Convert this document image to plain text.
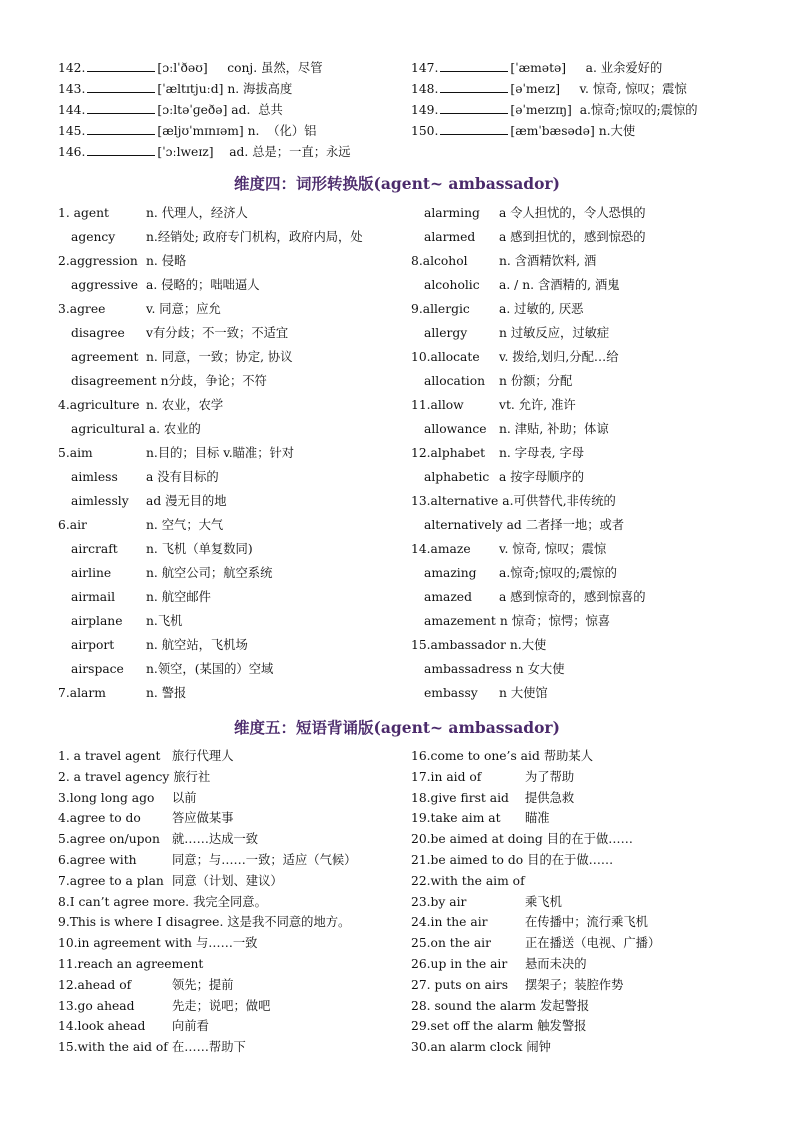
142.	[ɔːlˈðəʊ] conj. 虽然，尽管
143.	[ˈæltɪtjuːd] n. 海拔高度
144.	[ɔːltəˈɡeðə] ad. 总共
145.	[æljʊˈmɪnɪəm] n. （化）铝
146.	[ˈɔːlweɪz] ad. 总是；一直；永远
147.	[ˈæmətə] a. 业余爱好的
148.	[əˈmeɪz] v. 惊奇, 惊叹；震惊
149.	[əˈmeɪzɪŋ] a.惊奇;惊叹的;震惊的
150.	[æmˈbæsədə] n.大使
维度四：词形转换版(agent~ ambassador)
1. agent	n. 代理人，经济人
agency	n.经销处; 政府专门机构，政府内局，处
2.aggression n. 侵略
aggressive a. 侵略的；咄咄逼人
3.agree	v. 同意；应允
disagree v有分歧；不一致；不适宜
agreement n. 同意，一致；协定, 协议
disagreement n分歧，争论；不符
4.agriculture n. 农业，农学
agricultural a. 农业的
5.aim	n.目的；目标 v.瞄准；针对
aimless a 没有目标的
aimlessly ad 漫无目的地
6.air	n. 空气；大气
aircraft n. 飞机（单复数同)
airline	n. 航空公司；航空系统
airmail	n. 航空邮件
airplane n.飞机
airport	n. 航空站，飞机场
airspace n.领空，(某国的）空域
7.alarm	n. 警报
alarming a 令人担忧的，令人恐惧的
alarmed a 感到担忧的，感到惊恐的
8.alcohol	n. 含酒精饮料, 酒
alcoholic a. / n. 含酒精的, 酒鬼
9.allergic a. 过敏的, 厌恶
allergy	n 过敏反应，过敏症
10.allocate v. 拨给,划归,分配…给
allocation n 份额；分配
11.allow	vt. 允许, 准许
allowance n. 津贴, 补助；体谅
12.alphabet n. 字母表, 字母
alphabetic a 按字母顺序的
13.alternative a.可供替代,非传统的
alternatively ad 二者择一地；或者
14.amaze v. 惊奇, 惊叹；震惊
amazing a.惊奇;惊叹的;震惊的
amazed a 感到惊奇的，感到惊喜的
amazement n 惊奇；惊愕；惊喜
15.ambassador n.大使
ambassadress n 女大使
embassy n 大使馆
维度五：短语背诵版(agent~ ambassador)
1. a travel agent 旅行代理人
2. a travel agency 旅行社
3.long long ago 以前
4.agree to do	答应做某事
5.agree on/upon 就……达成一致
6.agree with	同意；与……一致；适应（气候）
7.agree to a plan 同意（计划、建议）
8.I can’t agree more. 我完全同意。
9.This is where I disagree. 这是我不同意的地方。
10.in agreement with 与……一致
11.reach an agreement
12.ahead of	领先；提前
13.go ahead	先走；说吧；做吧
14.look ahead 向前看
15.with the aid of 在……帮助下
16.come to one’s aid 帮助某人
17.in aid of	为了帮助
18.give first aid 提供急救
19.take aim at 瞄准
20.be aimed at doing 目的在于做……
21.be aimed to do 目的在于做……
22.with the aim of
23.by air	乘飞机
24.in the air	在传播中；流行乘飞机
25.on the air	正在播送（电视、广播）
26.up in the air 悬而未决的
27. puts on airs 摆架子；装腔作势
28. sound the alarm 发起警报
29.set off the alarm 触发警报
30.an alarm clock 闹钟
